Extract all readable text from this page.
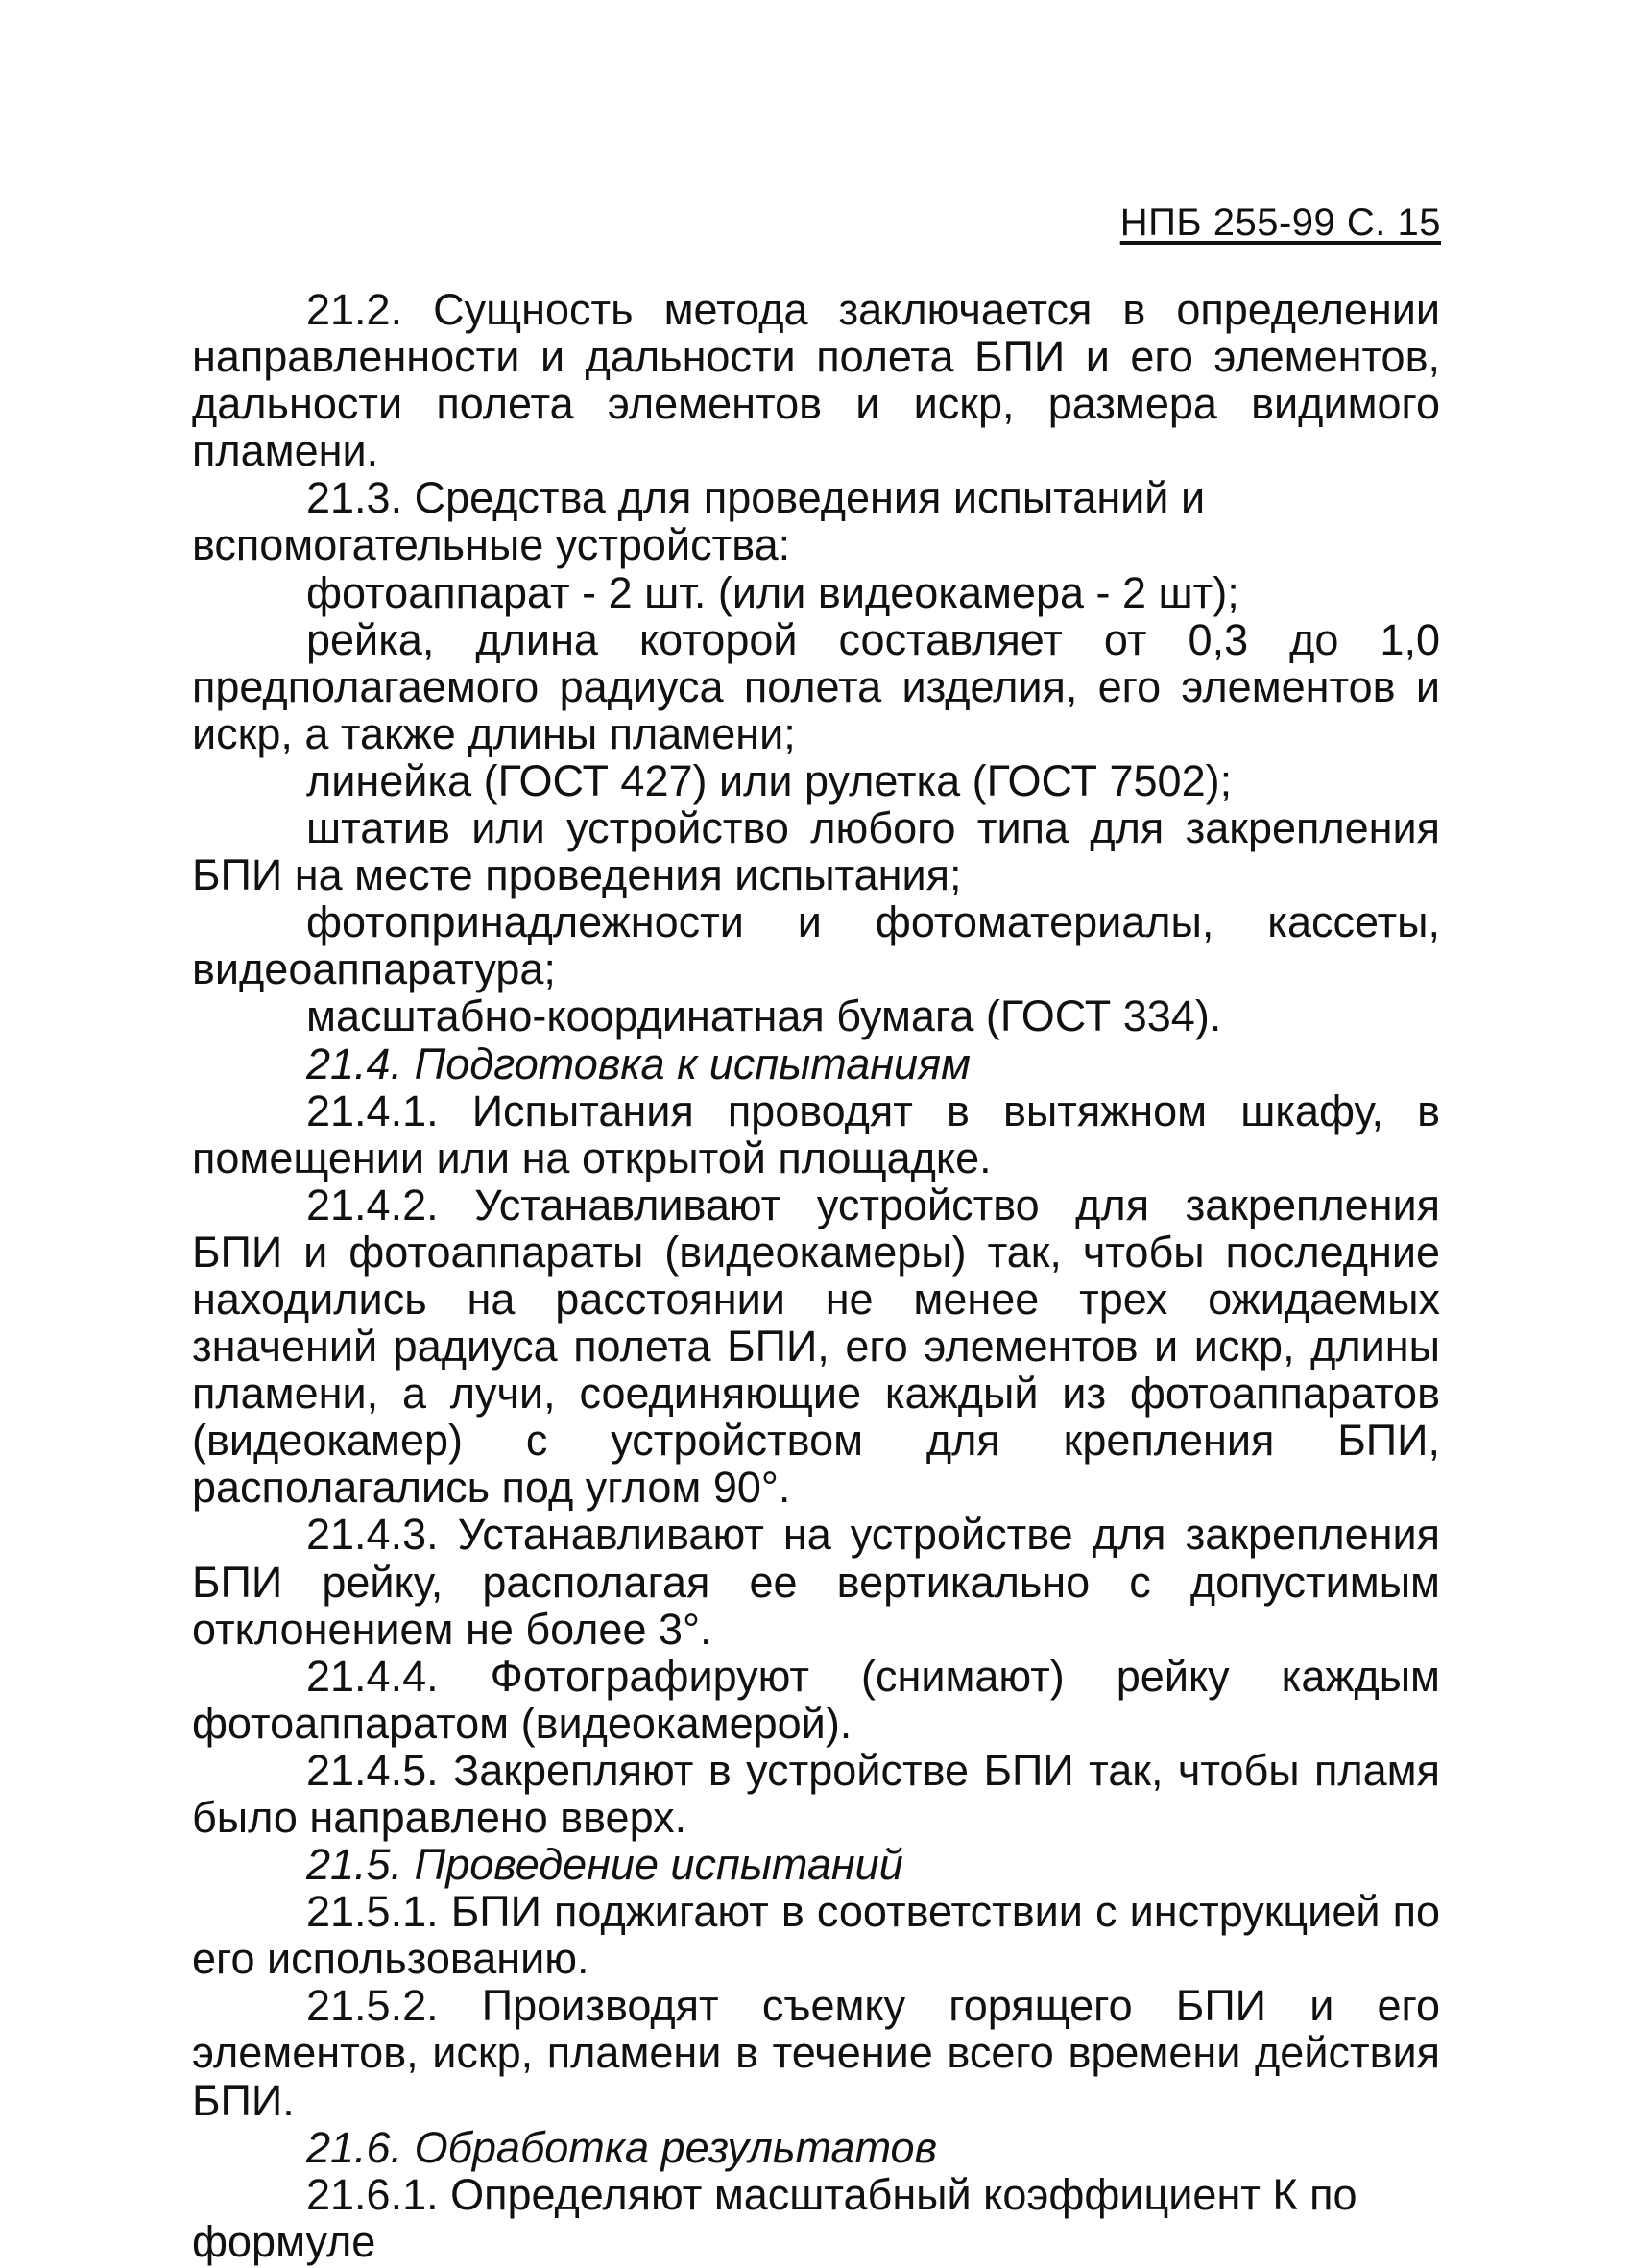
НПБ 255-99 С. 15

21.2. Сущность метода заключается в определении направленности и дальности полета БПИ и его элементов, дальности полета элементов и искр, размера видимого пламени.

21.3. Средства для проведения испытаний и вспомогательные устройства:

фотоаппарат - 2 шт. (или видеокамера - 2 шт);

рейка, длина которой составляет от 0,3 до 1,0 предполагаемого радиуса полета изделия, его элементов и искр, а также длины пламени;

линейка (ГОСТ 427) или рулетка (ГОСТ 7502);

штатив или устройство любого типа для закрепления БПИ на месте проведения испытания;

фотопринадлежности и фотоматериалы, кассеты, видеоаппаратура;

масштабно-координатная бумага (ГОСТ 334).

21.4. Подготовка к испытаниям

21.4.1. Испытания проводят в вытяжном шкафу, в помещении или на открытой площадке.

21.4.2. Устанавливают устройство для закрепления БПИ и фотоаппараты (видеокамеры) так, чтобы последние находились на расстоянии не менее трех ожидаемых значений радиуса полета БПИ, его элементов и искр, длины пламени, а лучи, соединяющие каждый из фотоаппаратов (видеокамер) с устройством для крепления БПИ, располагались под углом 90°.

21.4.3. Устанавливают на устройстве для закрепления БПИ рейку, располагая ее вертикально с допустимым отклонением не более 3°.

21.4.4. Фотографируют (снимают) рейку каждым фотоаппаратом (видеокамерой).

21.4.5. Закрепляют в устройстве БПИ так, чтобы пламя было направлено вверх.

21.5. Проведение испытаний

21.5.1. БПИ поджигают в соответствии с инструкцией по его использованию.

21.5.2. Производят съемку горящего БПИ и его элементов, искр, пламени в течение всего времени действия БПИ.

21.6. Обработка результатов

21.6.1. Определяют масштабный коэффициент К по формуле
